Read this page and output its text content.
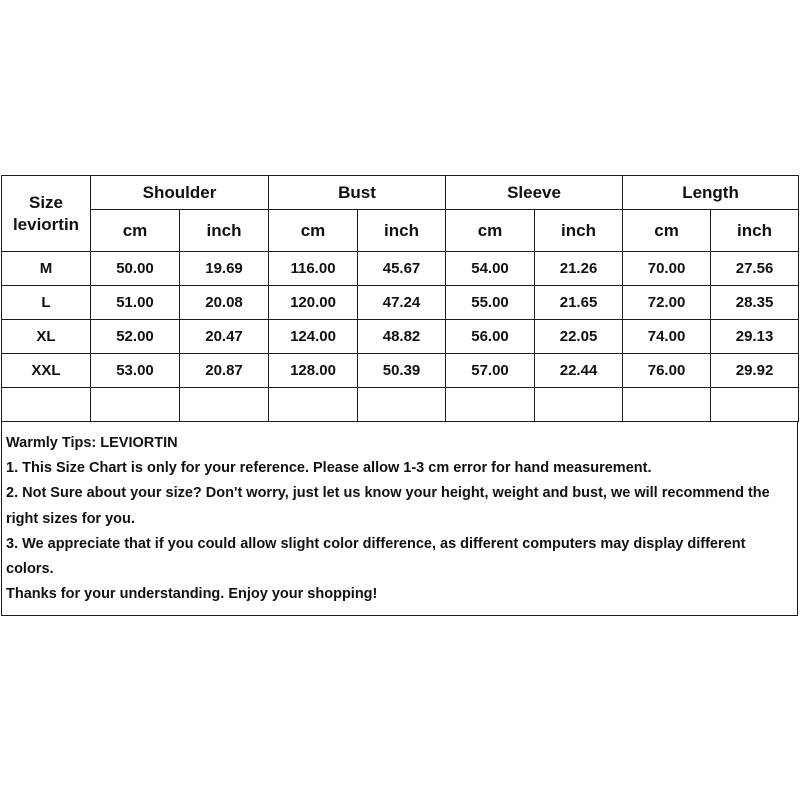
Size
leviortin	Shoulder		Bust		Sleeve		Length	
	cm	inch	cm	inch	cm	inch	cm	inch
M	50.00	19.69	116.00	45.67	54.00	21.26	70.00	27.56
L	51.00	20.08	120.00	47.24	55.00	21.65	72.00	28.35
XL	52.00	20.47	124.00	48.82	56.00	22.05	74.00	29.13
XXL	53.00	20.87	128.00	50.39	57.00	22.44	76.00	29.92

Warmly Tips: LEVIORTIN

1. This Size Chart is only for your reference. Please allow 1-3 cm error for hand measurement.

2. Not Sure about your size? Don't worry, just let us know your height, weight and bust, we will recommend the right sizes for you.

3. We appreciate that if you could allow slight color difference, as different computers may display different colors.

Thanks for your understanding. Enjoy your shopping!
